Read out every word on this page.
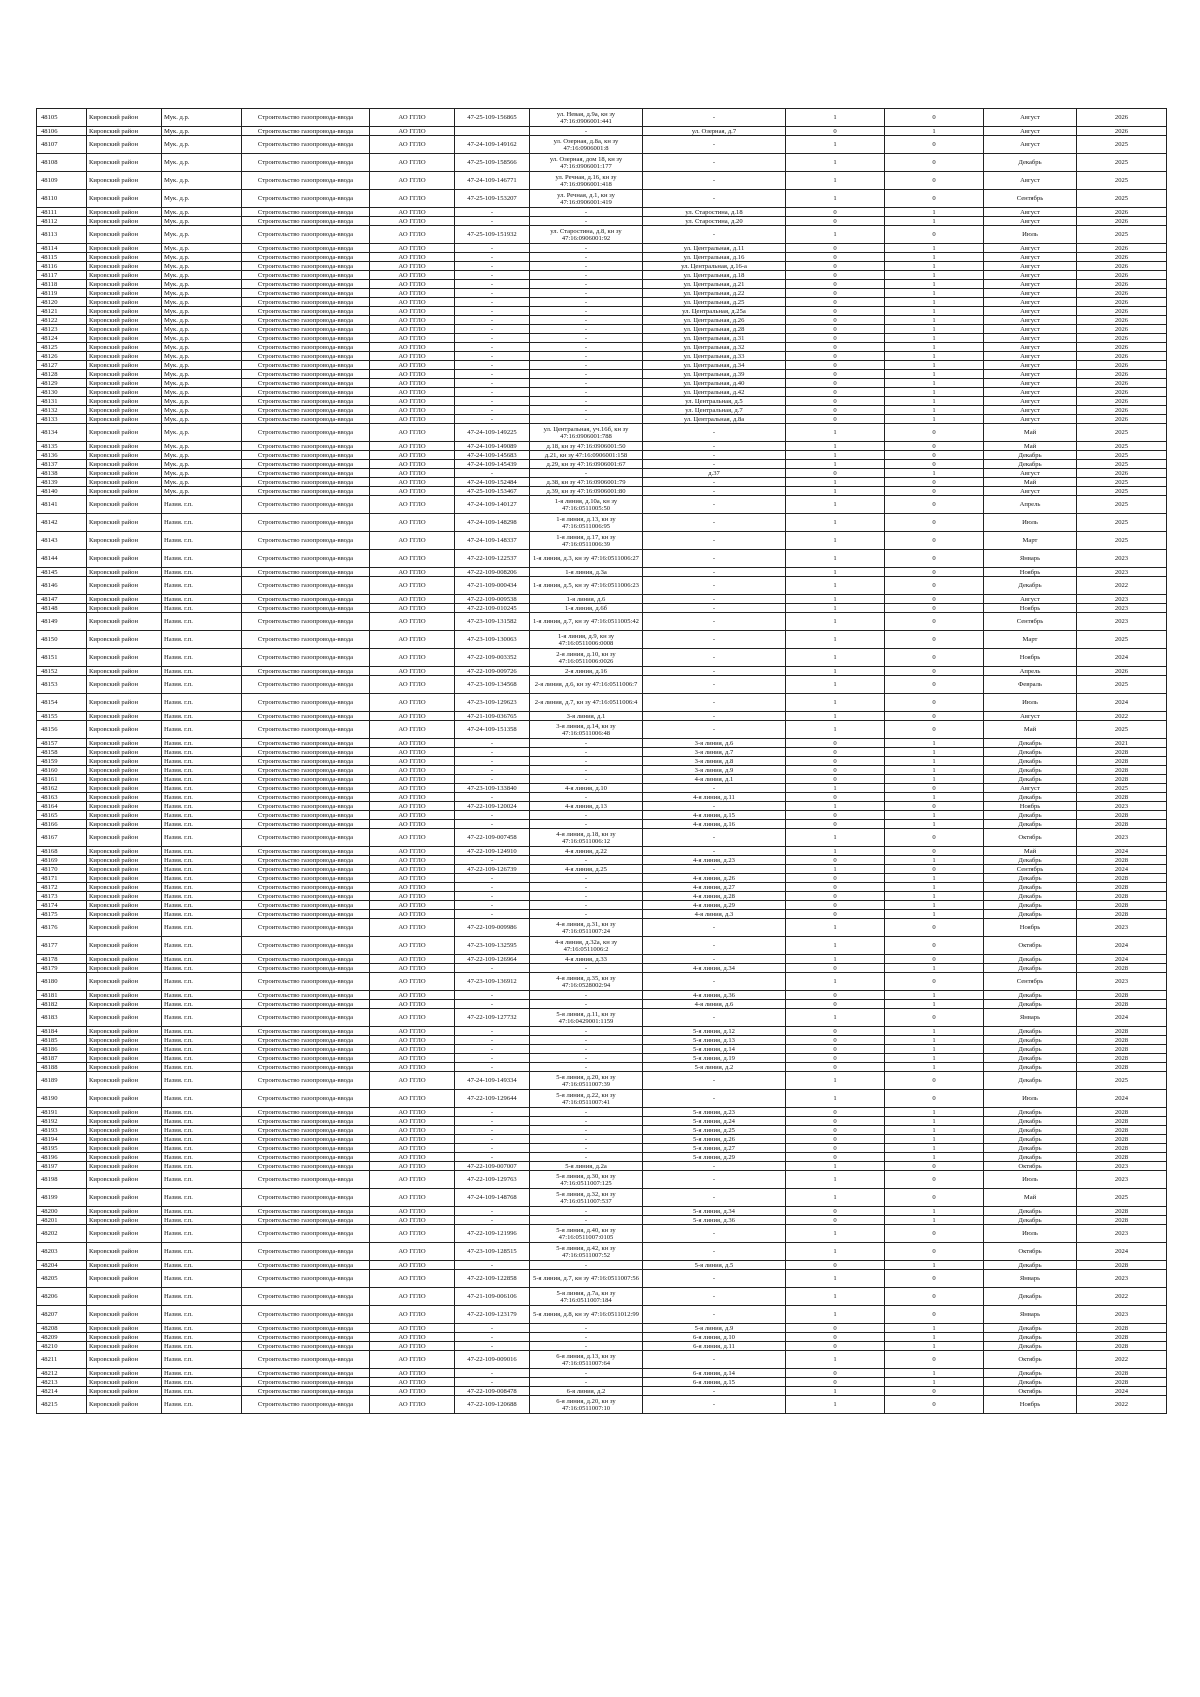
48105	Кировский район	Мук. д.р.	Строительство газопровода-ввода	АО ГГЛО	47-25-109-156865	ул. Невая, д.9а, кн зу 47:16:0906001:441	-	1	0	Август	2026
48106	Кировский район	Мук. д.р.	Строительство газопровода-ввода	АО ГГЛО		-	ул. Озерная, д.7	0	1	Август	2026
48107	Кировский район	Мук. д.р.	Строительство газопровода-ввода	АО ГГЛО	47-24-109-149162	ул. Озерная, д.8а, кн зу 47:16:0906001:8	-	1	0	Август	2025
48108	Кировский район	Мук. д.р.	Строительство газопровода-ввода	АО ГГЛО	47-25-109-158566	ул. Озерная, дом 18, кн зу 47:16:0906001:177	-	1	0	Декабрь	2025
48109	Кировский район	Мук. д.р.	Строительство газопровода-ввода	АО ГГЛО	47-24-109-146771	ул. Речная, д.16, кн зу 47:16:0906001:418	-	1	0	Август	2025
48110	Кировский район	Мук. д.р.	Строительство газопровода-ввода	АО ГГЛО	47-25-109-153207	ул. Речная, д.1, кн зу 47:16:0906001:419	-	1	0	Сентябрь	2025
48111	Кировский район	Мук. д.р.	Строительство газопровода-ввода	АО ГГЛО	-	-	ул. Старостина, д.18	0	1	Август	2026
48112	Кировский район	Мук. д.р.	Строительство газопровода-ввода	АО ГГЛО	-	-	ул. Старостина, д.20	0	1	Август	2026
48113	Кировский район	Мук. д.р.	Строительство газопровода-ввода	АО ГГЛО	47-25-109-151932	ул. Старостина, д.8, кн зу 47:16:0906001:92	-	1	0	Июль	2025
48114	Кировский район	Мук. д.р.	Строительство газопровода-ввода	АО ГГЛО	-	-	ул. Центральная, д.11	0	1	Август	2026
48115	Кировский район	Мук. д.р.	Строительство газопровода-ввода	АО ГГЛО	-	-	ул. Центральная, д.16	0	1	Август	2026
48116	Кировский район	Мук. д.р.	Строительство газопровода-ввода	АО ГГЛО	-	-	ул. Центральная, д.16-а	0	1	Август	2026
48117	Кировский район	Мук. д.р.	Строительство газопровода-ввода	АО ГГЛО	-	-	ул. Центральная, д.18	0	1	Август	2026
48118	Кировский район	Мук. д.р.	Строительство газопровода-ввода	АО ГГЛО	-	-	ул. Центральная, д.21	0	1	Август	2026
48119	Кировский район	Мук. д.р.	Строительство газопровода-ввода	АО ГГЛО	-	-	ул. Центральная, д.22	0	1	Август	2026
48120	Кировский район	Мук. д.р.	Строительство газопровода-ввода	АО ГГЛО	-	-	ул. Центральная, д.25	0	1	Август	2026
48121	Кировский район	Мук. д.р.	Строительство газопровода-ввода	АО ГГЛО	-	-	ул. Центральная, д.25а	0	1	Август	2026
48122	Кировский район	Мук. д.р.	Строительство газопровода-ввода	АО ГГЛО	-	-	ул. Центральная, д.26	0	1	Август	2026
48123	Кировский район	Мук. д.р.	Строительство газопровода-ввода	АО ГГЛО	-	-	ул. Центральная, д.28	0	1	Август	2026
48124	Кировский район	Мук. д.р.	Строительство газопровода-ввода	АО ГГЛО	-	-	ул. Центральная, д.31	0	1	Август	2026
48125	Кировский район	Мук. д.р.	Строительство газопровода-ввода	АО ГГЛО	-	-	ул. Центральная, д.32	0	1	Август	2026
48126	Кировский район	Мук. д.р.	Строительство газопровода-ввода	АО ГГЛО	-	-	ул. Центральная, д.33	0	1	Август	2026
48127	Кировский район	Мук. д.р.	Строительство газопровода-ввода	АО ГГЛО	-	-	ул. Центральная, д.34	0	1	Август	2026
48128	Кировский район	Мук. д.р.	Строительство газопровода-ввода	АО ГГЛО	-	-	ул. Центральная, д.39	0	1	Август	2026
48129	Кировский район	Мук. д.р.	Строительство газопровода-ввода	АО ГГЛО	-	-	ул. Центральная, д.40	0	1	Август	2026
48130	Кировский район	Мук. д.р.	Строительство газопровода-ввода	АО ГГЛО	-	-	ул. Центральная, д.42	0	1	Август	2026
48131	Кировский район	Мук. д.р.	Строительство газопровода-ввода	АО ГГЛО	-	-	ул. Центральная, д.5	0	1	Август	2026
48132	Кировский район	Мук. д.р.	Строительство газопровода-ввода	АО ГГЛО	-	-	ул. Центральная, д.7	0	1	Август	2026
48133	Кировский район	Мук. д.р.	Строительство газопровода-ввода	АО ГГЛО	-	-	ул. Центральная, д.8а	0	1	Август	2026
48134	Кировский район	Мук. д.р.	Строительство газопровода-ввода	АО ГГЛО	47-24-109-149225	ул. Центральная, уч.16б, кн зу 47:16:0906001:788	-	1	0	Май	2025
48135	Кировский район	Мук. д.р.	Строительство газопровода-ввода	АО ГГЛО	47-24-109-149089	д.18, кн зу 47:16:0906001:50	-	1	0	Май	2025
48136	Кировский район	Мук. д.р.	Строительство газопровода-ввода	АО ГГЛО	47-24-109-145683	д.21, кн зу 47:16:0906001:158	-	1	0	Декабрь	2025
48137	Кировский район	Мук. д.р.	Строительство газопровода-ввода	АО ГГЛО	47-24-109-145439	д.29, кн зу 47:16:0906001:67	-	1	0	Декабрь	2025
48138	Кировский район	Мук. д.р.	Строительство газопровода-ввода	АО ГГЛО	-	-	д.37	0	1	Август	2026
48139	Кировский район	Мук. д.р.	Строительство газопровода-ввода	АО ГГЛО	47-24-109-152484	д.38, кн зу 47:16:0906001:79	-	1	0	Май	2025
48140	Кировский район	Мук. д.р.	Строительство газопровода-ввода	АО ГГЛО	47-25-109-153467	д.39, кн зу 47:16:0906001:80	-	1	0	Август	2025
48141	Кировский район	Назия. г.п.	Строительство газопровода-ввода	АО ГГЛО	47-24-109-140127	1-я линия, д.10а, кн зу 47:16:0511005:50	-	1	0	Апрель	2025
48142	Кировский район	Назия. г.п.	Строительство газопровода-ввода	АО ГГЛО	47-24-109-148298	1-я линия, д.13, кн зу 47:16:0511006:95	-	1	0	Июль	2025
48143	Кировский район	Назия. г.п.	Строительство газопровода-ввода	АО ГГЛО	47-24-109-148337	1-я линия, д.17, кн зу 47:16:0511006:39	-	1	0	Март	2025
48144	Кировский район	Назия. г.п.	Строительство газопровода-ввода	АО ГГЛО	47-22-109-122537	1-я линия, д.3, кн зу 47:16:0511006:27	-	1	0	Январь	2023
48145	Кировский район	Назия. г.п.	Строительство газопровода-ввода	АО ГГЛО	47-22-109-008206	1-я линия, д.3а	-	1	0	Ноябрь	2023
48146	Кировский район	Назия. г.п.	Строительство газопровода-ввода	АО ГГЛО	47-21-109-000434	1-я линия, д.5, кн зу 47:16:0511006:23	-	1	0	Декабрь	2022
48147	Кировский район	Назия. г.п.	Строительство газопровода-ввода	АО ГГЛО	47-22-109-009538	1-я линия, д.6	-	1	0	Август	2023
48148	Кировский район	Назия. г.п.	Строительство газопровода-ввода	АО ГГЛО	47-22-109-010245	1-я линия, д.6б	-	1	0	Ноябрь	2023
48149	Кировский район	Назия. г.п.	Строительство газопровода-ввода	АО ГГЛО	47-23-109-131582	1-я линия, д.7, кн зу 47:16:0511005:42	-	1	0	Сентябрь	2023
48150	Кировский район	Назия. г.п.	Строительство газопровода-ввода	АО ГГЛО	47-23-109-130063	1-я линия, д.9, кн зу 47:16:0511006:0008	-	1	0	Март	2025
48151	Кировский район	Назия. г.п.	Строительство газопровода-ввода	АО ГГЛО	47-22-109-003352	2-я линия, д.10, кн зу 47:16:0511006:0026	-	1	0	Ноябрь	2024
48152	Кировский район	Назия. г.п.	Строительство газопровода-ввода	АО ГГЛО	47-22-109-009726	2-я линия, д.16	-	1	0	Апрель	2026
48153	Кировский район	Назия. г.п.	Строительство газопровода-ввода	АО ГГЛО	47-23-109-134568	2-я линия, д.6, кн зу 47:16:0511006:7	-	1	0	Февраль	2025
48154	Кировский район	Назия. г.п.	Строительство газопровода-ввода	АО ГГЛО	47-23-109-129623	2-я линия, д.7, кн зу 47:16:0511006:4	-	1	0	Июль	2024
48155	Кировский район	Назия. г.п.	Строительство газопровода-ввода	АО ГГЛО	47-21-109-036765	3-я линия, д.1	-	1	0	Август	2022
48156	Кировский район	Назия. г.п.	Строительство газопровода-ввода	АО ГГЛО	47-24-109-151358	3-я линия, д.14, кн зу 47:16:0511006:48	-	1	0	Май	2025
48157	Кировский район	Назия. г.п.	Строительство газопровода-ввода	АО ГГЛО	-	-	3-я линия, д.6	0	1	Декабрь	2021
48158	Кировский район	Назия. г.п.	Строительство газопровода-ввода	АО ГГЛО	-	-	3-я линия, д.7	0	1	Декабрь	2028
48159	Кировский район	Назия. г.п.	Строительство газопровода-ввода	АО ГГЛО	-	-	3-я линия, д.8	0	1	Декабрь	2028
48160	Кировский район	Назия. г.п.	Строительство газопровода-ввода	АО ГГЛО	-	-	3-я линия, д.9	0	1	Декабрь	2028
48161	Кировский район	Назия. г.п.	Строительство газопровода-ввода	АО ГГЛО	-	-	4-я линия, д.1	0	1	Декабрь	2028
48162	Кировский район	Назия. г.п.	Строительство газопровода-ввода	АО ГГЛО	47-23-109-133840	4-я линия, д.10	-	1	0	Август	2025
48163	Кировский район	Назия. г.п.	Строительство газопровода-ввода	АО ГГЛО	-	-	4-я линия, д.11	0	1	Декабрь	2028
48164	Кировский район	Назия. г.п.	Строительство газопровода-ввода	АО ГГЛО	47-22-109-120024	4-я линия, д.13	-	1	0	Ноябрь	2023
48165	Кировский район	Назия. г.п.	Строительство газопровода-ввода	АО ГГЛО	-	-	4-я линия, д.15	0	1	Декабрь	2028
48166	Кировский район	Назия. г.п.	Строительство газопровода-ввода	АО ГГЛО	-	-	4-я линия, д.16	0	1	Декабрь	2028
48167	Кировский район	Назия. г.п.	Строительство газопровода-ввода	АО ГГЛО	47-22-109-007458	4-я линия, д.18, кн зу 47:16:0511006:12	-	1	0	Октябрь	2023
48168	Кировский район	Назия. г.п.	Строительство газопровода-ввода	АО ГГЛО	47-22-109-124910	4-я линия, д.22	-	1	0	Май	2024
48169	Кировский район	Назия. г.п.	Строительство газопровода-ввода	АО ГГЛО	-	-	4-я линия, д.23	0	1	Декабрь	2028
48170	Кировский район	Назия. г.п.	Строительство газопровода-ввода	АО ГГЛО	47-22-109-126739	4-я линия, д.25	-	1	0	Сентябрь	2024
48171	Кировский район	Назия. г.п.	Строительство газопровода-ввода	АО ГГЛО	-	-	4-я линия, д.26	0	1	Декабрь	2028
48172	Кировский район	Назия. г.п.	Строительство газопровода-ввода	АО ГГЛО	-	-	4-я линия, д.27	0	1	Декабрь	2028
48173	Кировский район	Назия. г.п.	Строительство газопровода-ввода	АО ГГЛО	-	-	4-я линия, д.28	0	1	Декабрь	2028
48174	Кировский район	Назия. г.п.	Строительство газопровода-ввода	АО ГГЛО	-	-	4-я линия, д.29	0	1	Декабрь	2028
48175	Кировский район	Назия. г.п.	Строительство газопровода-ввода	АО ГГЛО	-	-	4-я линия, д.3	0	1	Декабрь	2028
48176	Кировский район	Назия. г.п.	Строительство газопровода-ввода	АО ГГЛО	47-22-109-009986	4-я линия, д.31, кн зу 47:16:0511007:24	-	1	0	Ноябрь	2023
48177	Кировский район	Назия. г.п.	Строительство газопровода-ввода	АО ГГЛО	47-23-109-132595	4-я линия, д.32а, кн зу 47:16:0511006:2	-	1	0	Октябрь	2024
48178	Кировский район	Назия. г.п.	Строительство газопровода-ввода	АО ГГЛО	47-22-109-126964	4-я линия, д.33	-	1	0	Декабрь	2024
48179	Кировский район	Назия. г.п.	Строительство газопровода-ввода	АО ГГЛО	-	-	4-я линия, д.34	0	1	Декабрь	2028
48180	Кировский район	Назия. г.п.	Строительство газопровода-ввода	АО ГГЛО	47-23-109-136912	4-я линия, д.35, кн зу 47:16:0528002:94	-	1	0	Сентябрь	2023
48181	Кировский район	Назия. г.п.	Строительство газопровода-ввода	АО ГГЛО	-	-	4-я линия, д.36	0	1	Декабрь	2028
48182	Кировский район	Назия. г.п.	Строительство газопровода-ввода	АО ГГЛО	-	-	4-я линия, д.6	0	1	Декабрь	2028
48183	Кировский район	Назия. г.п.	Строительство газопровода-ввода	АО ГГЛО	47-22-109-127732	5-я линия, д.11, кн зу 47:16:0429001:1159	-	1	0	Январь	2024
48184	Кировский район	Назия. г.п.	Строительство газопровода-ввода	АО ГГЛО	-	-	5-я линия, д.12	0	1	Декабрь	2028
48185	Кировский район	Назия. г.п.	Строительство газопровода-ввода	АО ГГЛО	-	-	5-я линия, д.13	0	1	Декабрь	2028
48186	Кировский район	Назия. г.п.	Строительство газопровода-ввода	АО ГГЛО	-	-	5-я линия, д.14	0	1	Декабрь	2028
48187	Кировский район	Назия. г.п.	Строительство газопровода-ввода	АО ГГЛО	-	-	5-я линия, д.19	0	1	Декабрь	2028
48188	Кировский район	Назия. г.п.	Строительство газопровода-ввода	АО ГГЛО	-	-	5-я линия, д.2	0	1	Декабрь	2028
48189	Кировский район	Назия. г.п.	Строительство газопровода-ввода	АО ГГЛО	47-24-109-149334	5-я линия, д.20, кн зу 47:16:0511007:39	-	1	0	Декабрь	2025
48190	Кировский район	Назия. г.п.	Строительство газопровода-ввода	АО ГГЛО	47-22-109-129644	5-я линия, д.22, кн зу 47:16:0511007:41	-	1	0	Июль	2024
48191	Кировский район	Назия. г.п.	Строительство газопровода-ввода	АО ГГЛО	-	-	5-я линия, д.23	0	1	Декабрь	2028
48192	Кировский район	Назия. г.п.	Строительство газопровода-ввода	АО ГГЛО	-	-	5-я линия, д.24	0	1	Декабрь	2028
48193	Кировский район	Назия. г.п.	Строительство газопровода-ввода	АО ГГЛО	-	-	5-я линия, д.25	0	1	Декабрь	2028
48194	Кировский район	Назия. г.п.	Строительство газопровода-ввода	АО ГГЛО	-	-	5-я линия, д.26	0	1	Декабрь	2028
48195	Кировский район	Назия. г.п.	Строительство газопровода-ввода	АО ГГЛО	-	-	5-я линия, д.27	0	1	Декабрь	2028
48196	Кировский район	Назия. г.п.	Строительство газопровода-ввода	АО ГГЛО	-	-	5-я линия, д.29	0	1	Декабрь	2028
48197	Кировский район	Назия. г.п.	Строительство газопровода-ввода	АО ГГЛО	47-22-109-007007	5-я линия, д.2а	-	1	0	Октябрь	2023
48198	Кировский район	Назия. г.п.	Строительство газопровода-ввода	АО ГГЛО	47-22-109-129763	5-я линия, д.30, кн зу 47:16:0511007:125	-	1	0	Июль	2023
48199	Кировский район	Назия. г.п.	Строительство газопровода-ввода	АО ГГЛО	47-24-109-148768	5-я линия, д.32, кн зу 47:16:0511007:537	-	1	0	Май	2025
48200	Кировский район	Назия. г.п.	Строительство газопровода-ввода	АО ГГЛО	-	-	5-я линия, д.34	0	1	Декабрь	2028
48201	Кировский район	Назия. г.п.	Строительство газопровода-ввода	АО ГГЛО	-	-	5-я линия, д.36	0	1	Декабрь	2028
48202	Кировский район	Назия. г.п.	Строительство газопровода-ввода	АО ГГЛО	47-22-109-121996	5-я линия, д.40, кн зу 47:16:0511007:0105	-	1	0	Июль	2023
48203	Кировский район	Назия. г.п.	Строительство газопровода-ввода	АО ГГЛО	47-23-109-128515	5-я линия, д.42, кн зу 47:16:0511007:52	-	1	0	Октябрь	2024
48204	Кировский район	Назия. г.п.	Строительство газопровода-ввода	АО ГГЛО	-	-	5-я линия, д.5	0	1	Декабрь	2028
48205	Кировский район	Назия. г.п.	Строительство газопровода-ввода	АО ГГЛО	47-22-109-122858	5-я линия, д.7, кн зу 47:16:0511007:56	-	1	0	Январь	2023
48206	Кировский район	Назия. г.п.	Строительство газопровода-ввода	АО ГГЛО	47-21-109-006106	5-я линия, д.7а, кн зу 47:16:0511007:184	-	1	0	Декабрь	2022
48207	Кировский район	Назия. г.п.	Строительство газопровода-ввода	АО ГГЛО	47-22-109-123179	5-я линия, д.8, кн зу 47:16:0511012:99	-	1	0	Январь	2023
48208	Кировский район	Назия. г.п.	Строительство газопровода-ввода	АО ГГЛО	-	-	5-я линия, д.9	0	1	Декабрь	2028
48209	Кировский район	Назия. г.п.	Строительство газопровода-ввода	АО ГГЛО	-	-	6-я линия, д.10	0	1	Декабрь	2028
48210	Кировский район	Назия. г.п.	Строительство газопровода-ввода	АО ГГЛО	-	-	6-я линия, д.11	0	1	Декабрь	2028
48211	Кировский район	Назия. г.п.	Строительство газопровода-ввода	АО ГГЛО	47-22-109-009016	6-я линия, д.13, кн зу 47:16:0511007:64	-	1	0	Октябрь	2022
48212	Кировский район	Назия. г.п.	Строительство газопровода-ввода	АО ГГЛО	-	-	6-я линия, д.14	0	1	Декабрь	2028
48213	Кировский район	Назия. г.п.	Строительство газопровода-ввода	АО ГГЛО	-	-	6-я линия, д.15	0	1	Декабрь	2028
48214	Кировский район	Назия. г.п.	Строительство газопровода-ввода	АО ГГЛО	47-22-109-008478	6-я линия, д.2	-	1	0	Октябрь	2024
48215	Кировский район	Назия. г.п.	Строительство газопровода-ввода	АО ГГЛО	47-22-109-120688	6-я линия, д.20, кн зу 47:16:0511007:10	-	1	0	Ноябрь	2022
